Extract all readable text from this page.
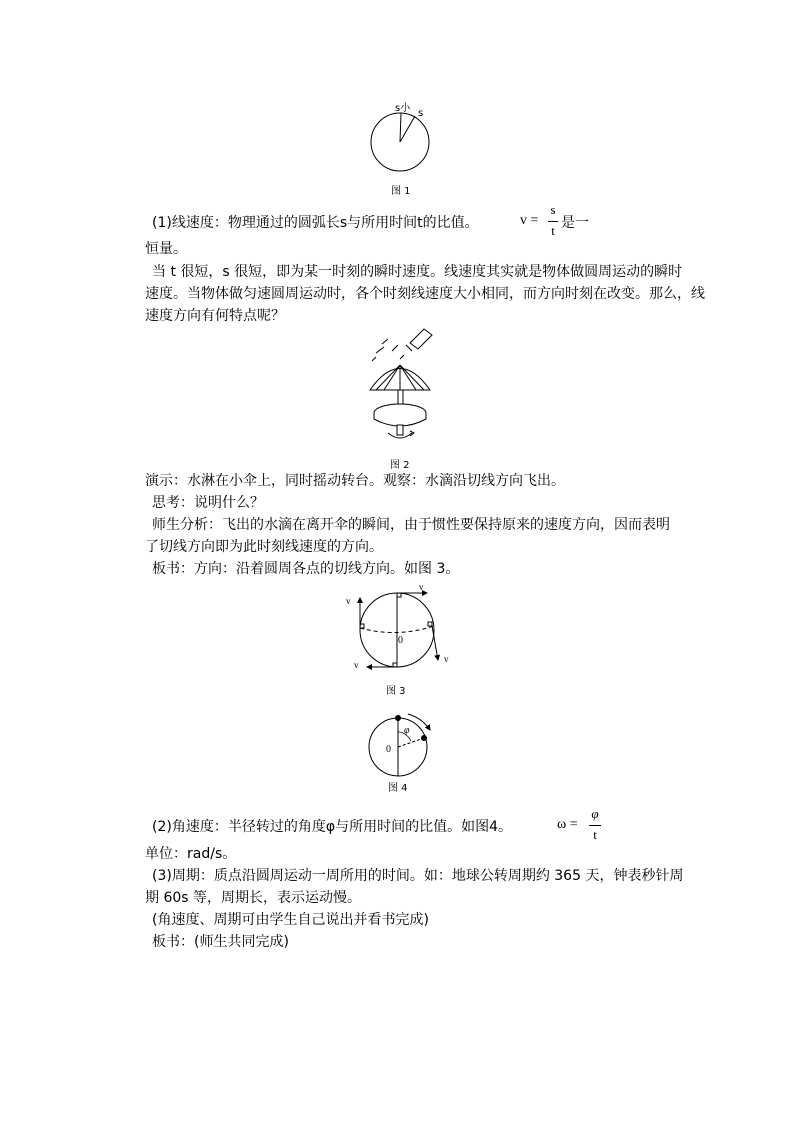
s小 s
图 1
(1)线速度：物理通过的圆弧长s与所用时间t的比值。	v =
s
t 是一
恒量。
当 t 很短，s 很短，即为某一时刻的瞬时速度。线速度其实就是物体做圆周运动的瞬时
速度。当物体做匀速圆周运动时，各个时刻线速度大小相同，而方向时刻在改变。那么，线
速度方向有何特点呢？
图 2
演示：水淋在小伞上，同时摇动转台。观察：水滴沿切线方向飞出。
思考：说明什么？
师生分析：飞出的水滴在离开伞的瞬间，由于惯性要保持原来的速度方向，因而表明
了切线方向即为此时刻线速度的方向。
板书：方向：沿着圆周各点的切线方向。如图 3。
v
v
v
v
0
图 3
φ
0
图 4
(2)角速度：半径转过的角度φ与所用时间的比值。如图4。	ω =
φ
t
单位：rad/s。
(3)周期：质点沿圆周运动一周所用的时间。如：地球公转周期约 365 天，钟表秒针周
期 60s 等，周期长，表示运动慢。
(角速度、周期可由学生自己说出并看书完成)
板书：(师生共同完成)
